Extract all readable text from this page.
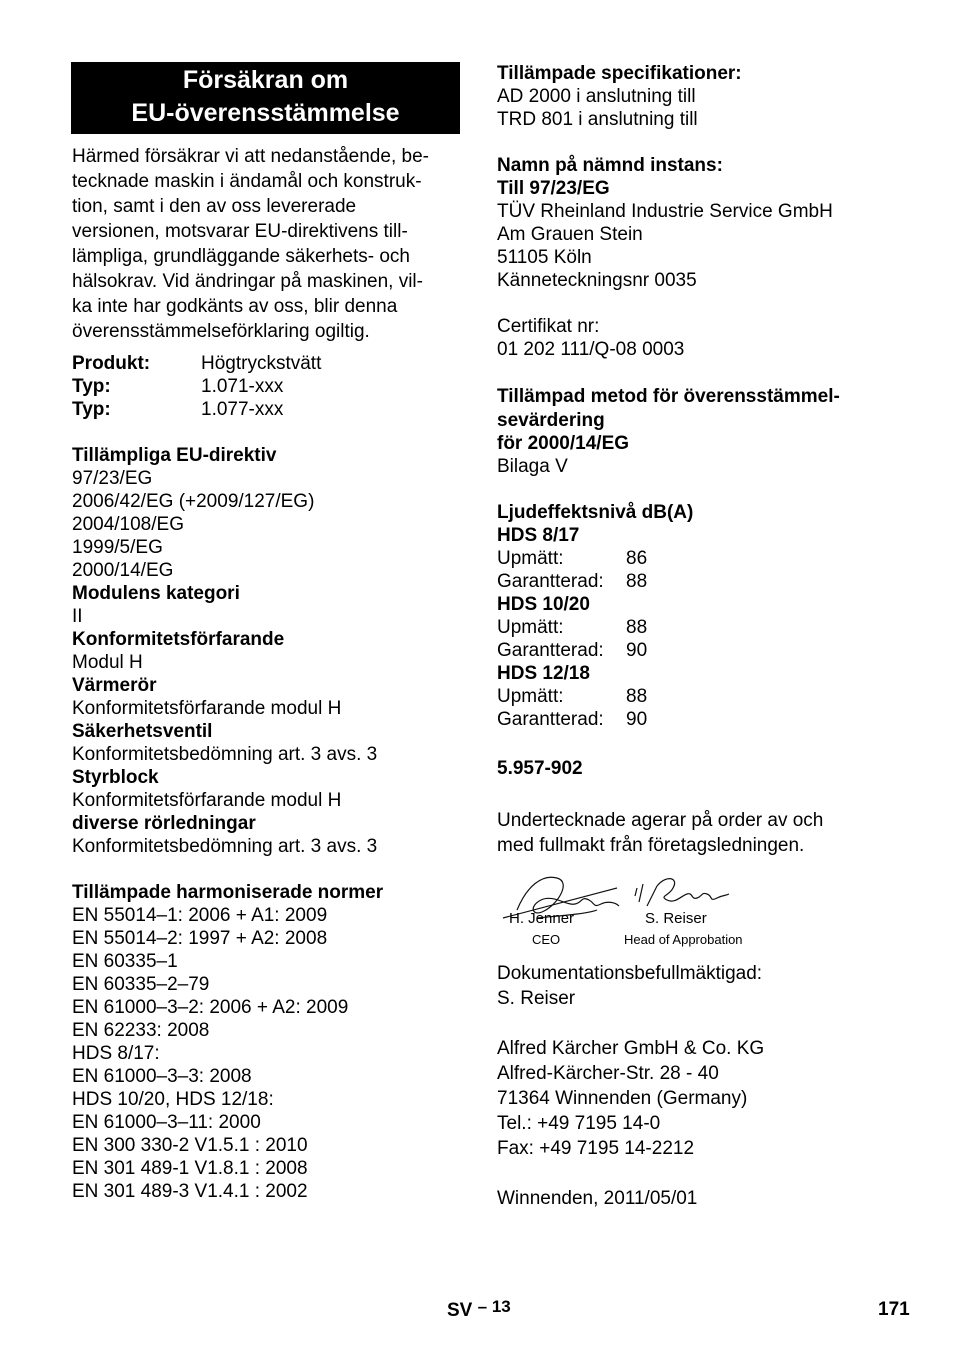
Försäkran om
EU-överensstämmelse
Härmed försäkrar vi att nedanstående, be-
tecknade maskin i ändamål och konstruk-
tion, samt i den av oss levererade
versionen, motsvarar EU-direktivens till-
lämpliga, grundläggande säkerhets- och
hälsokrav. Vid ändringar på maskinen, vil-
ka inte har godkänts av oss, blir denna
överensstämmelseförklaring ogiltig.
Produkt:	Högtryckstvätt
Typ:	1.071-xxx
Typ:	1.077-xxx
Tillämpliga EU-direktiv
97/23/EG
2006/42/EG (+2009/127/EG)
2004/108/EG
1999/5/EG
2000/14/EG
Modulens kategori
II
Konformitetsförfarande
Modul H
Värmerör
Konformitetsförfarande modul H
Säkerhetsventil
Konformitetsbedömning art. 3 avs. 3
Styrblock
Konformitetsförfarande modul H
diverse rörledningar
Konformitetsbedömning art. 3 avs. 3
Tillämpade harmoniserade normer
EN 55014–1: 2006 + A1: 2009
EN 55014–2: 1997 + A2: 2008
EN 60335–1
EN 60335–2–79
EN 61000–3–2: 2006 + A2: 2009
EN 62233: 2008
HDS 8/17:
EN 61000–3–3: 2008
HDS 10/20, HDS 12/18:
EN 61000–3–11: 2000
EN 300 330-2 V1.5.1 : 2010
EN 301 489-1 V1.8.1 : 2008
EN 301 489-3 V1.4.1 : 2002
Tillämpade specifikationer:
AD 2000 i anslutning till
TRD 801 i anslutning till
Namn på nämnd instans:
Till 97/23/EG
TÜV Rheinland Industrie Service GmbH
Am Grauen Stein
51105 Köln
Känneteckningsnr 0035
Certifikat nr:
01 202 111/Q-08 0003
Tillämpad metod för överensstämmel-
sevärdering
för 2000/14/EG
Bilaga V
Ljudeffektsnivå dB(A)
HDS 8/17
Upmätt:	86
Garantterad:	88
HDS 10/20
Upmätt:	88
Garantterad:	90
HDS 12/18
Upmätt:	88
Garantterad:	90
5.957-902
Undertecknade agerar på order av och
med fullmakt från företagsledningen.
H. Jenner
CEO
S. Reiser
Head of Approbation
Dokumentationsbefullmäktigad:
S. Reiser
Alfred Kärcher GmbH & Co. KG
Alfred-Kärcher-Str. 28 - 40
71364 Winnenden (Germany)
Tel.: +49 7195 14-0
Fax: +49 7195 14-2212
Winnenden, 2011/05/01
SV – 13	171
